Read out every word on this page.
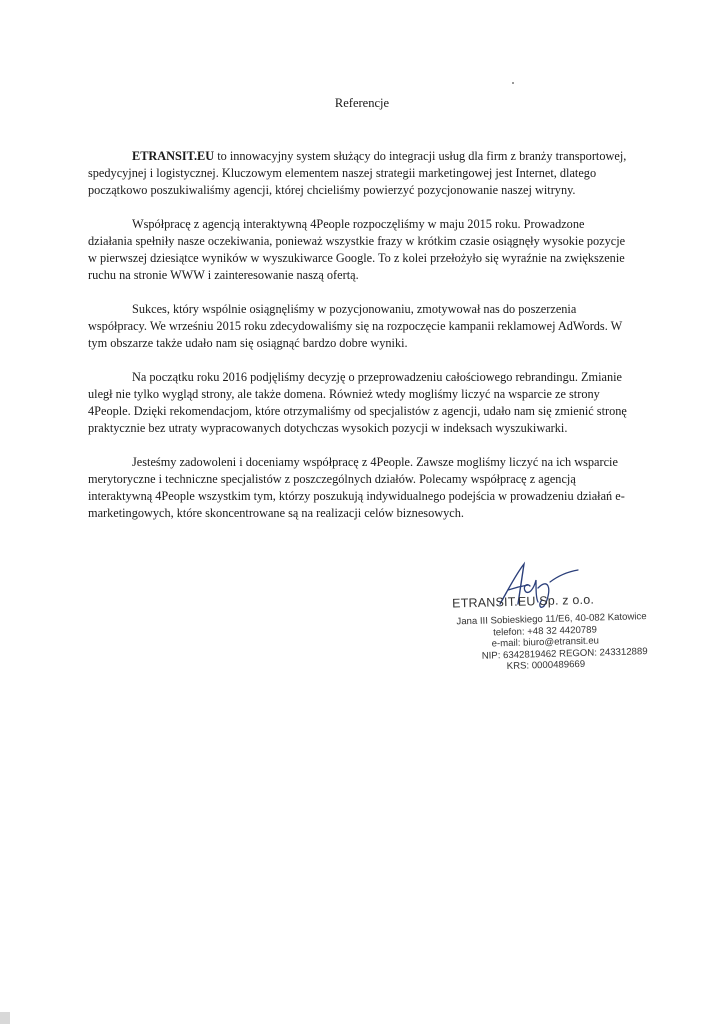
Referencje

ETRANSIT.EU to innowacyjny system służący do integracji usług dla firm z branży transportowej, spedycyjnej i logistycznej. Kluczowym elementem naszej strategii marketingowej jest Internet, dlatego początkowo poszukiwaliśmy agencji, której chcieliśmy powierzyć pozycjonowanie naszej witryny.

Współpracę z agencją interaktywną 4People rozpoczęliśmy w maju 2015 roku. Prowadzone działania spełniły nasze oczekiwania, ponieważ wszystkie frazy w krótkim czasie osiągnęły wysokie pozycje w pierwszej dziesiątce wyników w wyszukiwarce Google. To z kolei przełożyło się wyraźnie na zwiększenie ruchu na stronie WWW i zainteresowanie naszą ofertą.

Sukces, który wspólnie osiągnęliśmy w pozycjonowaniu, zmotywował nas do poszerzenia współpracy. We wrześniu 2015 roku zdecydowaliśmy się na rozpoczęcie kampanii reklamowej AdWords. W tym obszarze także udało nam się osiągnąć bardzo dobre wyniki.

Na początku roku 2016 podjęliśmy decyzję o przeprowadzeniu całościowego rebrandingu. Zmianie uległ nie tylko wygląd strony, ale także domena. Również wtedy mogliśmy liczyć na wsparcie ze strony 4People. Dzięki rekomendacjom, które otrzymaliśmy od specjalistów z agencji, udało nam się zmienić stronę praktycznie bez utraty wypracowanych dotychczas wysokich pozycji w indeksach wyszukiwarki.

Jesteśmy zadowoleni i doceniamy współpracę z 4People. Zawsze mogliśmy liczyć na ich wsparcie merytoryczne i techniczne specjalistów z poszczególnych działów. Polecamy współpracę z agencją interaktywną 4People wszystkim tym, którzy poszukują indywidualnego podejścia w prowadzeniu działań e-marketingowych, które skoncentrowane są na realizacji celów biznesowych.

ETRANSIT.EU Sp. z o.o.
Jana III Sobieskiego 11/E6, 40-082 Katowice
telefon: +48 32 4420789
e-mail: biuro@etransit.eu
NIP: 6342819462 REGON: 243312889
KRS: 0000489669
